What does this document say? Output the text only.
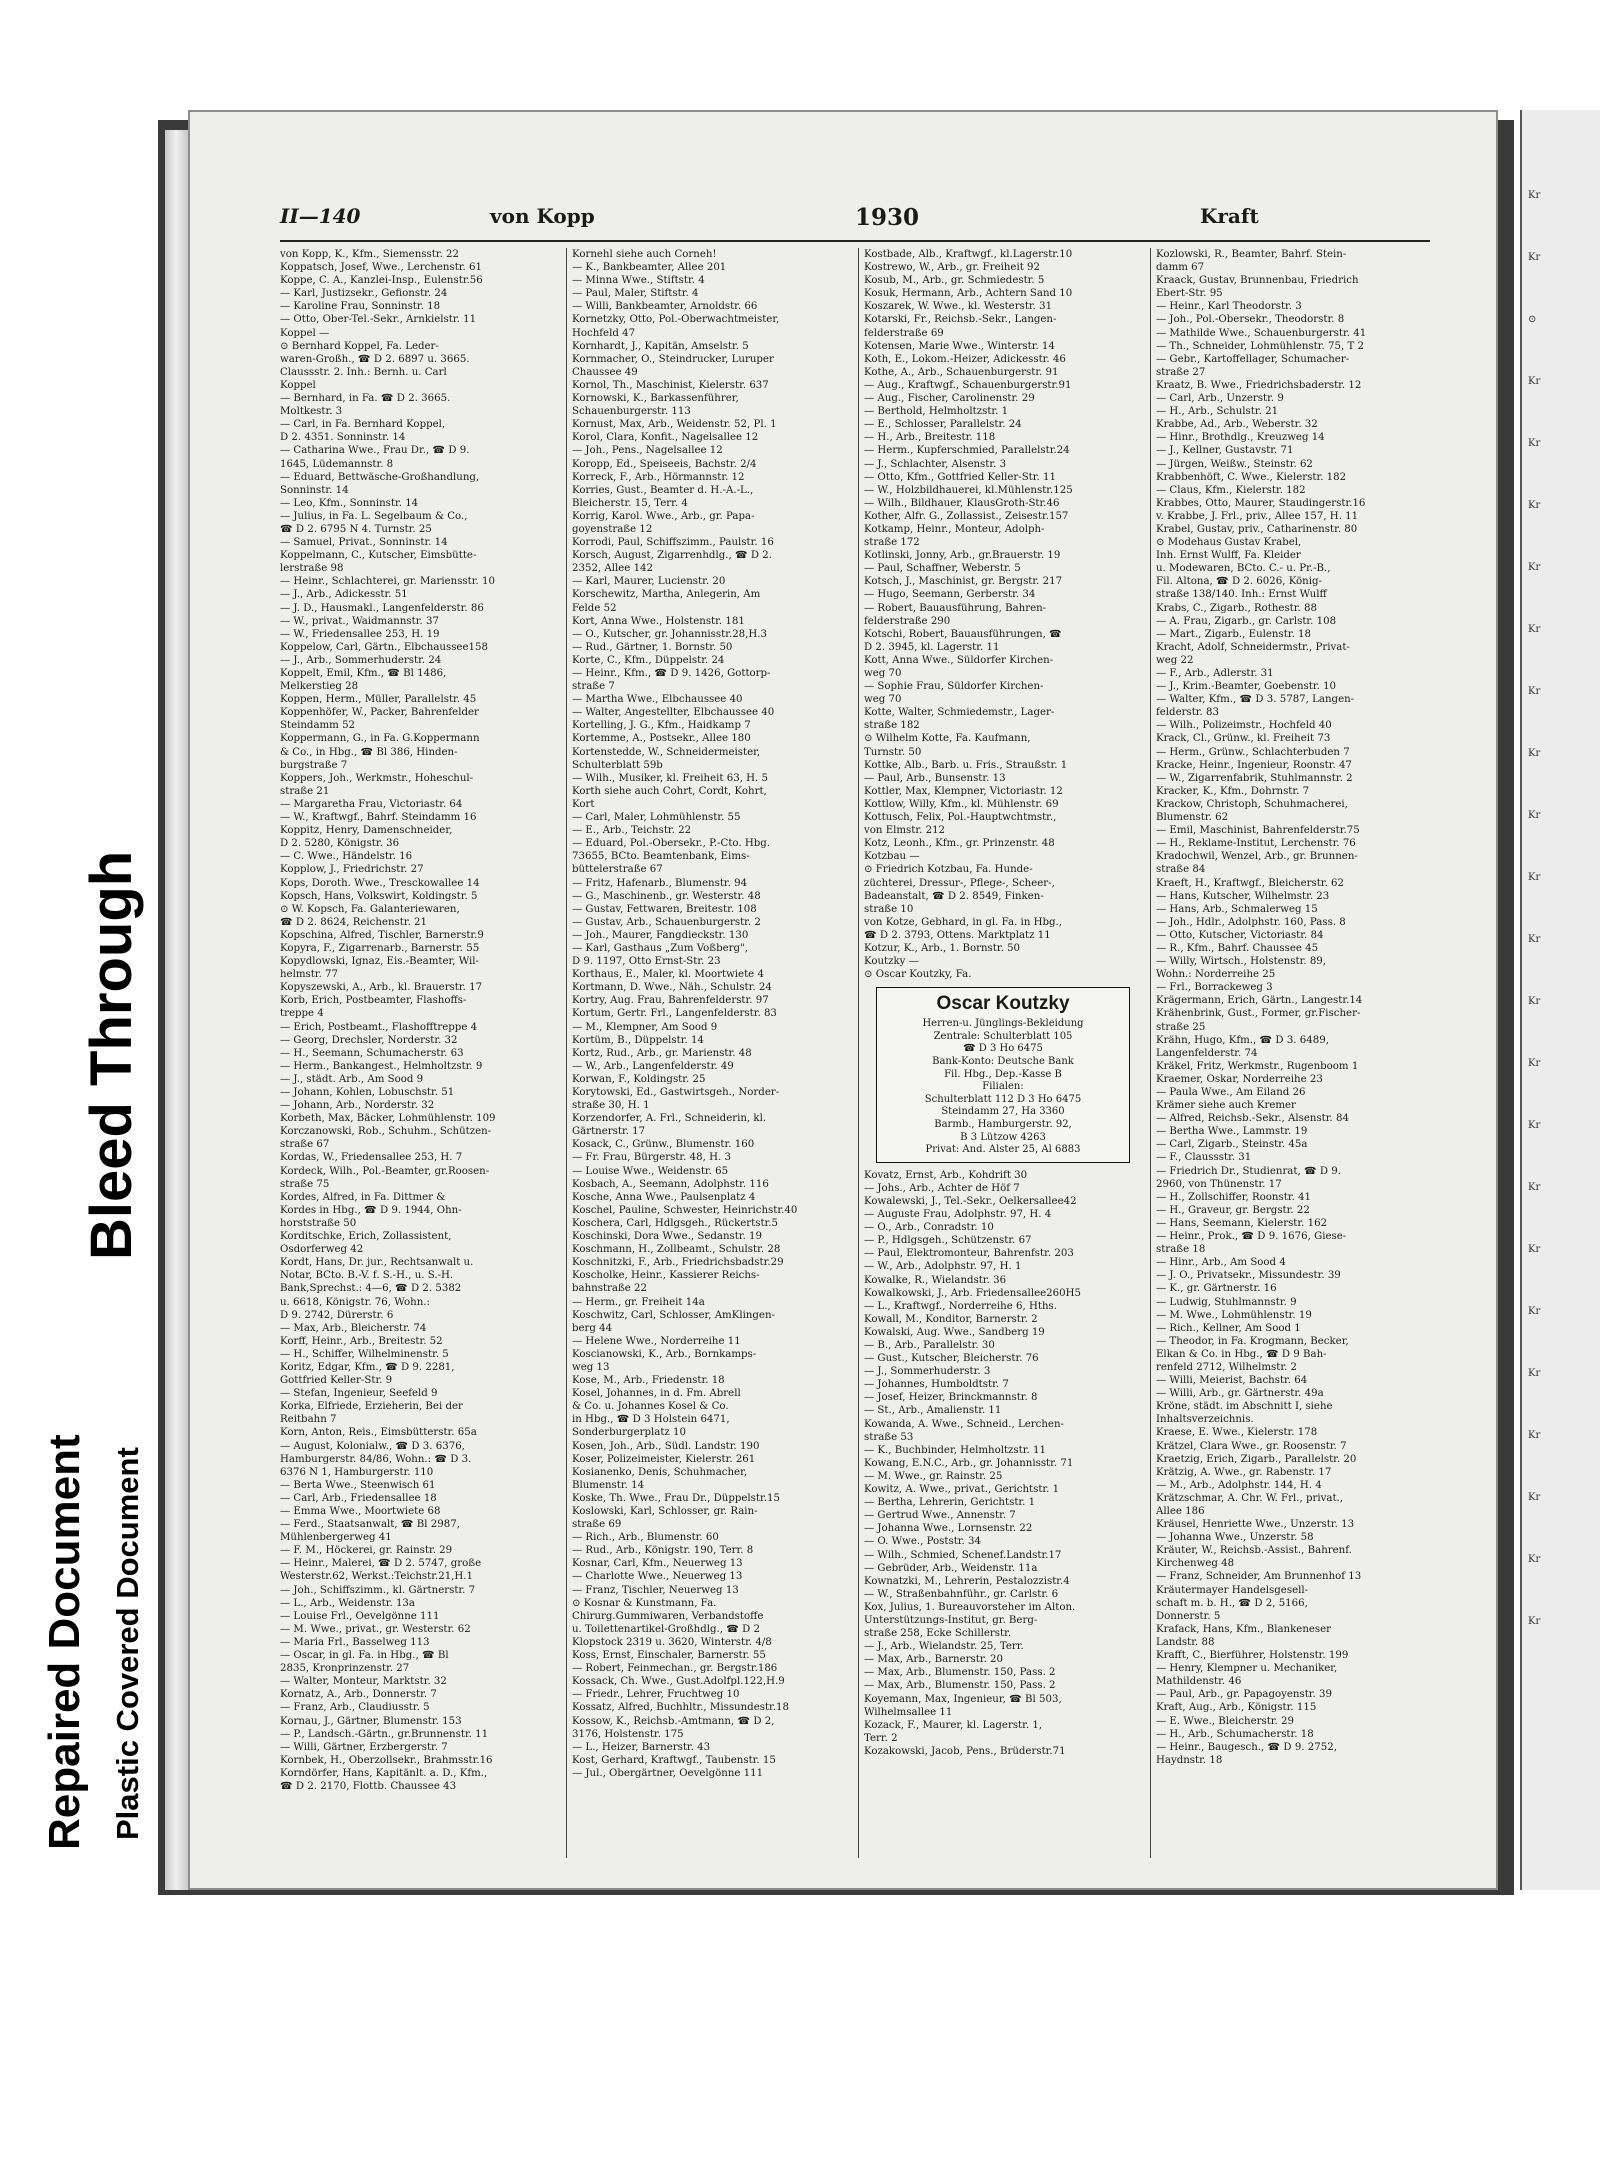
Bleed Through
Repaired Document Plastic Covered Document
II—140	von Kopp	1930	Kraft
von Kopp, K., Kfm., Siemensstr. 22
Koppatsch, Josef, Wwe., Lerchenstr. 61
Koppe, C. A., Kanzlei-Insp., Eulenstr.56
— Karl, Justizsekr., Gefionstr. 24
— Karoline Frau, Sonninstr. 18
— Otto, Ober-Tel.-Sekr., Arnkielstr. 11
Koppel —
⊙ Bernhard Koppel, Fa. Leder-
waren-Großh., ☎ D 2. 6897 u. 3665.
Claussstr. 2. Inh.: Bernh. u. Carl
Koppel
— Bernhard, in Fa. ☎ D 2. 3665.
Moltkestr. 3
— Carl, in Fa. Bernhard Koppel,
D 2. 4351. Sonninstr. 14
— Catharina Wwe., Frau Dr., ☎ D 9.
1645, Lüdemannstr. 8
— Eduard, Bettwäsche-Großhandlung,
Sonninstr. 14
— Leo, Kfm., Sonninstr. 14
— Julius, in Fa. L. Segelbaum & Co.,
☎ D 2. 6795 N 4. Turnstr. 25
— Samuel, Privat., Sonninstr. 14
Koppelmann, C., Kutscher, Eimsbütte-
lerstraße 98
— Heinr., Schlachterei, gr. Mariensstr. 10
— J., Arb., Adickesstr. 51
— J. D., Hausmakl., Langenfelderstr. 86
— W., privat., Waidmannstr. 37
— W., Friedensallee 253, H. 19
Koppelow, Carl, Gärtn., Elbchaussee158
— J., Arb., Sommerhuderstr. 24
Koppelt, Emil, Kfm., ☎ Bl 1486,
Melkerstieg 28
Koppen, Herm., Müller, Parallelstr. 45
Koppenhöfer, W., Packer, Bahrenfelder
Steindamm 52
Koppermann, G., in Fa. G.Koppermann
& Co., in Hbg., ☎ Bl 386, Hinden-
burgstraße 7
Koppers, Joh., Werkmstr., Hoheschul-
straße 21
— Margaretha Frau, Victoriastr. 64
— W., Kraftwgf., Bahrf. Steindamm 16
Koppitz, Henry, Damenschneider,
D 2. 5280, Königstr. 36
— C. Wwe., Händelstr. 16
Kopplow, J., Friedrichstr. 27
Kops, Doroth. Wwe., Tresckowallee 14
Kopsch, Hans, Volkswirt, Koldingstr. 5
⊙ W. Kopsch, Fa. Galanteriewaren,
☎ D 2. 8624, Reichenstr. 21
Kopschina, Alfred, Tischler, Barnerstr.9
Kopyra, F., Zigarrenarb., Barnerstr. 55
Kopydlowski, Ignaz, Eis.-Beamter, Wil-
helmstr. 77
Kopyszewski, A., Arb., kl. Brauerstr. 17
Korb, Erich, Postbeamter, Flashoffs-
treppe 4
— Erich, Postbeamt., Flashofftreppe 4
— Georg, Drechsler, Norderstr. 32
— H., Seemann, Schumacherstr. 63
— Herm., Bankangest., Helmholtzstr. 9
— J., städt. Arb., Am Sood 9
— Johann, Kohlen, Lobuschstr. 51
— Johann, Arb., Norderstr. 32
Korbeth, Max, Bäcker, Lohmühlenstr. 109
Korczanowski, Rob., Schuhm., Schützen-
straße 67
Kordas, W., Friedensallee 253, H. 7
Kordeck, Wilh., Pol.-Beamter, gr.Roosen-
straße 75
Kordes, Alfred, in Fa. Dittmer &
Kordes in Hbg., ☎ D 9. 1944, Ohn-
horststraße 50
Korditschke, Erich, Zollassistent,
Osdorferweg 42
Kordt, Hans, Dr. jur., Rechtsanwalt u.
Notar, BCto. B.-V. f. S.-H., u. S.-H.
Bank,Sprechst.: 4—6, ☎ D 2. 5382
u. 6618, Königstr. 76, Wohn.:
D 9. 2742, Dürerstr. 6
— Max, Arb., Bleicherstr. 74
Korff, Heinr., Arb., Breitestr. 52
— H., Schiffer, Wilhelminenstr. 5
Koritz, Edgar, Kfm., ☎ D 9. 2281,
Gottfried Keller-Str. 9
— Stefan, Ingenieur, Seefeld 9
Korka, Elfriede, Erzieherin, Bei der
Reitbahn 7
Korn, Anton, Reis., Eimsbütterstr. 65a
— August, Kolonialw., ☎ D 3. 6376,
Hamburgerstr. 84/86, Wohn.: ☎ D 3.
6376 N 1, Hamburgerstr. 110
— Berta Wwe., Steenwisch 61
— Carl, Arb., Friedensallee 18
— Emma Wwe., Moortwiete 68
— Ferd., Staatsanwalt, ☎ Bl 2987,
Mühlenbergerweg 41
— F. M., Höckerei, gr. Rainstr. 29
— Heinr., Malerei, ☎ D 2. 5747, große
Westerstr.62, Werkst.:Teichstr.21,H.1
— Joh., Schiffszimm., kl. Gärtnerstr. 7
— L., Arb., Weidenstr. 13a
— Louise Frl., Oevelgönne 111
— M. Wwe., privat., gr. Westerstr. 62
— Maria Frl., Basselweg 113
— Oscar, in gl. Fa. in Hbg., ☎ Bl
2835, Kronprinzenstr. 27
— Walter, Monteur, Marktstr. 32
Kornatz, A., Arb., Donnerstr. 7
— Franz, Arb., Claudiusstr. 5
Kornau, J., Gärtner, Blumenstr. 153
— P., Landsch.-Gärtn., gr.Brunnenstr. 11
— Willi, Gärtner, Erzbergerstr. 7
Kornbek, H., Oberzollsekr., Brahmsstr.16
Korndörfer, Hans, Kapitänlt. a. D., Kfm.,
☎ D 2. 2170, Flottb. Chaussee 43
Kornehl siehe auch Corneh!
— K., Bankbeamter, Allee 201
— Minna Wwe., Stiftstr. 4
— Paul, Maler, Stiftstr. 4
— Willi, Bankbeamter, Arnoldstr. 66
Kornetzky, Otto, Pol.-Oberwachtmeister,
Hochfeld 47
Kornhardt, J., Kapitän, Amselstr. 5
Kornmacher, O., Steindrucker, Luruper
Chaussee 49
Kornol, Th., Maschinist, Kielerstr. 637
Kornowski, K., Barkassenführer,
Schauenburgerstr. 113
Kornust, Max, Arb., Weidenstr. 52, Pl. 1
Korol, Clara, Konfit., Nagelsallee 12
— Joh., Pens., Nagelsallee 12
Koropp, Ed., Speiseeis, Bachstr. 2/4
Korreck, F., Arb., Hörmannstr. 12
Korries, Gust., Beamter d. H.-A.-L.,
Bleicherstr. 15, Terr. 4
Korrig, Karol. Wwe., Arb., gr. Papa-
goyenstraße 12
Korrodi, Paul, Schiffszimm., Paulstr. 16
Korsch, August, Zigarrenhdlg., ☎ D 2.
2352, Allee 142
— Karl, Maurer, Lucienstr. 20
Korschewitz, Martha, Anlegerin, Am
Felde 52
Kort, Anna Wwe., Holstenstr. 181
— O., Kutscher, gr. Johannisstr.28,H.3
— Rud., Gärtner, 1. Bornstr. 50
Korte, C., Kfm., Düppelstr. 24
— Heinr., Kfm., ☎ D 9. 1426, Gottorp-
straße 7
— Martha Wwe., Elbchaussee 40
— Walter, Angestellter, Elbchaussee 40
Kortelling, J. G., Kfm., Haidkamp 7
Kortemme, A., Postsekr., Allee 180
Kortenstedde, W., Schneidermeister,
Schulterblatt 59b
— Wilh., Musiker, kl. Freiheit 63, H. 5
Korth siehe auch Cohrt, Cordt, Kohrt,
Kort
— Carl, Maler, Lohmühlenstr. 55
— E., Arb., Teichstr. 22
— Eduard, Pol.-Obersekr., P.-Cto. Hbg.
73655, BCto. Beamtenbank, Eims-
büttelerstraße 67
— Fritz, Hafenarb., Blumenstr. 94
— G., Maschinenb., gr. Westerstr. 48
— Gustav, Fettwaren, Breitestr. 108
— Gustav, Arb., Schauenburgerstr. 2
— Joh., Maurer, Fangdieckstr. 130
— Karl, Gasthaus „Zum Voßberg",
D 9. 1197, Otto Ernst-Str. 23
Korthaus, E., Maler, kl. Moortwiete 4
Kortmann, D. Wwe., Näh., Schulstr. 24
Kortry, Aug. Frau, Bahrenfelderstr. 97
Kortum, Gertr. Frl., Langenfelderstr. 83
— M., Klempner, Am Sood 9
Kortüm, B., Düppelstr. 14
Kortz, Rud., Arb., gr. Marienstr. 48
— W., Arb., Langenfelderstr. 49
Korwan, F., Koldingstr. 25
Korytowski, Ed., Gastwirtsgeh., Norder-
straße 30, H. 1
Korzendorfer, A. Frl., Schneiderin, kl.
Gärtnerstr. 17
Kosack, C., Grünw., Blumenstr. 160
— Fr. Frau, Bürgerstr. 48, H. 3
— Louise Wwe., Weidenstr. 65
Kosbach, A., Seemann, Adolphstr. 116
Kosche, Anna Wwe., Paulsenplatz 4
Koschel, Pauline, Schwester, Heinrichstr.40
Koschera, Carl, Hdlgsgeh., Rückertstr.5
Koschinski, Dora Wwe., Sedanstr. 19
Koschmann, H., Zollbeamt., Schulstr. 28
Koschnitzki, F., Arb., Friedrichsbadstr.29
Koscholke, Heinr., Kassierer Reichs-
bahnstraße 22
— Herm., gr. Freiheit 14a
Koschwitz, Carl, Schlosser, AmKlingen-
berg 44
— Helene Wwe., Norderreihe 11
Koscianowski, K., Arb., Bornkamps-
weg 13
Kose, M., Arb., Friedenstr. 18
Kosel, Johannes, in d. Fm. Abrell
& Co. u. Johannes Kosel & Co.
in Hbg., ☎ D 3 Holstein 6471,
Sonderburgerplatz 10
Kosen, Joh., Arb., Südl. Landstr. 190
Koser, Polizeimeister, Kielerstr. 261
Kosianenko, Denis, Schuhmacher,
Blumenstr. 14
Koske, Th. Wwe., Frau Dr., Düppelstr.15
Koslowski, Karl, Schlosser, gr. Rain-
straße 69
— Rich., Arb., Blumenstr. 60
— Rud., Arb., Königstr. 190, Terr. 8
Kosnar, Carl, Kfm., Neuerweg 13
— Charlotte Wwe., Neuerweg 13
— Franz, Tischler, Neuerweg 13
⊙ Kosnar & Kunstmann, Fa.
Chirurg.Gummiwaren, Verbandstoffe
u. Toilettenartikel-Großhdlg., ☎ D 2
Klopstock 2319 u. 3620, Winterstr. 4/8
Koss, Ernst, Einschaler, Barnerstr. 55
— Robert, Feinmechan., gr. Bergstr.186
Kossack, Ch. Wwe., Gust.Adolfpl.122,H.9
— Friedr., Lehrer, Fruchtweg 10
Kossatz, Alfred, Buchhltr., Missundestr.18
Kossow, K., Reichsb.-Amtmann, ☎ D 2,
3176, Holstenstr. 175
— L., Heizer, Barnerstr. 43
Kost, Gerhard, Kraftwgf., Taubenstr. 15
— Jul., Obergärtner, Oevelgönne 111
Kostbade, Alb., Kraftwgf., kl.Lagerstr.10
Kostrewo, W., Arb., gr. Freiheit 92
Kosub, M., Arb., gr. Schmiedestr. 5
Kosuk, Hermann, Arb., Achtern Sand 10
Koszarek, W. Wwe., kl. Westerstr. 31
Kotarski, Fr., Reichsb.-Sekr., Langen-
felderstraße 69
Kotensen, Marie Wwe., Winterstr. 14
Koth, E., Lokom.-Heizer, Adickesstr. 46
Kothe, A., Arb., Schauenburgerstr. 91
— Aug., Kraftwgf., Schauenburgerstr.91
— Aug., Fischer, Carolinenstr. 29
— Berthold, Helmholtzstr. 1
— E., Schlosser, Parallelstr. 24
— H., Arb., Breitestr. 118
— Herm., Kupferschmied, Parallelstr.24
— J., Schlachter, Alsenstr. 3
— Otto, Kfm., Gottfried Keller-Str. 11
— W., Holzbildhauerei, kl.Mühlenstr.125
— Wilh., Bildhauer, KlausGroth-Str.46
Kother, Alfr. G., Zollassist., Zeisestr.157
Kotkamp, Heinr., Monteur, Adolph-
straße 172
Kotlinski, Jonny, Arb., gr.Brauerstr. 19
— Paul, Schaffner, Weberstr. 5
Kotsch, J., Maschinist, gr. Bergstr. 217
— Hugo, Seemann, Gerberstr. 34
— Robert, Bauausführung, Bahren-
felderstraße 290
Kotschi, Robert, Bauausführungen, ☎
D 2. 3945, kl. Lagerstr. 11
Kott, Anna Wwe., Süldorfer Kirchen-
weg 70
— Sophie Frau, Süldorfer Kirchen-
weg 70
Kotte, Walter, Schmiedemstr., Lager-
straße 182
⊙ Wilhelm Kotte, Fa. Kaufmann,
Turnstr. 50
Kottke, Alb., Barb. u. Fris., Straußstr. 1
— Paul, Arb., Bunsenstr. 13
Kottler, Max, Klempner, Victoriastr. 12
Kottlow, Willy, Kfm., kl. Mühlenstr. 69
Kottusch, Felix, Pol.-Hauptwchtmstr.,
von Elmstr. 212
Kotz, Leonh., Kfm., gr. Prinzenstr. 48
Kotzbau —
⊙ Friedrich Kotzbau, Fa. Hunde-
züchterei, Dressur-, Pflege-, Scheer-,
Badeanstalt, ☎ D 2. 8549, Finken-
straße 10
von Kotze, Gebhard, in gl. Fa. in Hbg.,
☎ D 2. 3793, Ottens. Marktplatz 11
Kotzur, K., Arb., 1. Bornstr. 50
Koutzky —
⊙ Oscar Koutzky, Fa.
Oscar Koutzky
Herren-u. Jünglings-Bekleidung
Zentrale: Schulterblatt 105
☎ D 3 Ho 6475
Bank-Konto: Deutsche Bank
Fil. Hbg., Dep.-Kasse B
Filialen:
Schulterblatt 112 D 3 Ho 6475
Steindamm 27, Ha 3360
Barmb., Hamburgerstr. 92,
B 3 Lützow 4263
Privat: And. Alster 25, Al 6883
Kovatz, Ernst, Arb., Kohdrift 30
— Johs., Arb., Achter de Höf 7
Kowalewski, J., Tel.-Sekr., Oelkersallee42
— Auguste Frau, Adolphstr. 97, H. 4
— O., Arb., Conradstr. 10
— P., Hdlgsgeh., Schützenstr. 67
— Paul, Elektromonteur, Bahrenfstr. 203
— W., Arb., Adolphstr. 97, H. 1
Kowalke, R., Wielandstr. 36
Kowalkowski, J., Arb. Friedensallee260H5
— L., Kraftwgf., Norderreihe 6, Hths.
Kowall, M., Konditor, Barnerstr. 2
Kowalski, Aug. Wwe., Sandberg 19
— B., Arb., Parallelstr. 30
— Gust., Kutscher, Bleicherstr. 76
— J., Sommerhuderstr. 3
— Johannes, Humboldtstr. 7
— Josef, Heizer, Brinckmannstr. 8
— St., Arb., Amalienstr. 11
Kowanda, A. Wwe., Schneid., Lerchen-
straße 53
— K., Buchbinder, Helmholtzstr. 11
Kowang, E.N.C., Arb., gr. Johannisstr. 71
— M. Wwe., gr. Rainstr. 25
Kowitz, A. Wwe., privat., Gerichtstr. 1
— Bertha, Lehrerin, Gerichtstr. 1
— Gertrud Wwe., Annenstr. 7
— Johanna Wwe., Lornsenstr. 22
— O. Wwe., Poststr. 34
— Wilh., Schmied, Schenef.Landstr.17
— Gebrüder, Arb., Weidenstr. 11a
Kownatzki, M., Lehrerin, Pestalozzistr.4
— W., Straßenbahnführ., gr. Carlstr. 6
Kox, Julius, 1. Bureauvorsteher im Alton.
Unterstützungs-Institut, gr. Berg-
straße 258, Ecke Schillerstr.
— J., Arb., Wielandstr. 25, Terr.
— Max, Arb., Barnerstr. 20
— Max, Arb., Blumenstr. 150, Pass. 2
— Max, Arb., Blumenstr. 150, Pass. 2
Koyemann, Max, Ingenieur, ☎ Bl 503,
Wilhelmsallee 11
Kozack, F., Maurer, kl. Lagerstr. 1,
Terr. 2
Kozakowski, Jacob, Pens., Brüderstr.71
Kozlowski, R., Beamter, Bahrf. Stein-
damm 67
Kraack, Gustav, Brunnenbau, Friedrich
Ebert-Str. 95
— Heinr., Karl Theodorstr. 3
— Joh., Pol.-Obersekr., Theodorstr. 8
— Mathilde Wwe., Schauenburgerstr. 41
— Th., Schneider, Lohmühlenstr. 75, T 2
— Gebr., Kartoffellager, Schumacher-
straße 27
Kraatz, B. Wwe., Friedrichsbaderstr. 12
— Carl, Arb., Unzerstr. 9
— H., Arb., Schulstr. 21
Krabbe, Ad., Arb., Weberstr. 32
— Hinr., Brothdlg., Kreuzweg 14
— J., Kellner, Gustavstr. 71
— Jürgen, Weißw., Steinstr. 62
Krabbenhöft, C. Wwe., Kielerstr. 182
— Claus, Kfm., Kielerstr. 182
Krabbes, Otto, Maurer, Staudingerstr.16
v. Krabbe, J. Frl., priv., Allee 157, H. 11
Krabel, Gustav, priv., Catharinenstr. 80
⊙ Modehaus Gustav Krabel,
Inh. Ernst Wulff, Fa. Kleider
u. Modewaren, BCto. C.- u. Pr.-B.,
Fil. Altona, ☎ D 2. 6026, König-
straße 138/140. Inh.: Ernst Wulff
Krabs, C., Zigarb., Rothestr. 88
— A. Frau, Zigarb., gr. Carlstr. 108
— Mart., Zigarb., Eulenstr. 18
Kracht, Adolf, Schneidermstr., Privat-
weg 22
— F., Arb., Adlerstr. 31
— J., Krim.-Beamter, Goebenstr. 10
— Walter, Kfm., ☎ D 3. 5787, Langen-
felderstr. 83
— Wilh., Polizeimstr., Hochfeld 40
Krack, Cl., Grünw., kl. Freiheit 73
— Herm., Grünw., Schlachterbuden 7
Kracke, Heinr., Ingenieur, Roonstr. 47
— W., Zigarrenfabrik, Stuhlmannstr. 2
Kracker, K., Kfm., Dohrnstr. 7
Krackow, Christoph, Schuhmacherei,
Blumenstr. 62
— Emil, Maschinist, Bahrenfelderstr.75
— H., Reklame-Institut, Lerchenstr. 76
Kradochwil, Wenzel, Arb., gr. Brunnen-
straße 84
Kraeft, H., Kraftwgf., Bleicherstr. 62
— Hans, Kutscher, Wilhelmstr. 23
— Hans, Arb., Schmalerweg 15
— Joh., Hdlr., Adolphstr. 160, Pass. 8
— Otto, Kutscher, Victoriastr. 84
— R., Kfm., Bahrf. Chaussee 45
— Willy, Wirtsch., Holstenstr. 89,
Wohn.: Norderreihe 25
— Frl., Borrackeweg 3
Krägermann, Erich, Gärtn., Langestr.14
Krähenbrink, Gust., Former, gr.Fischer-
straße 25
Krähn, Hugo, Kfm., ☎ D 3. 6489,
Langenfelderstr. 74
Kräkel, Fritz, Werkmstr., Rugenboom 1
Kraemer, Oskar, Norderreihe 23
— Paula Wwe., Am Eiland 26
Krämer siehe auch Kremer
— Alfred, Reichsb.-Sekr., Alsenstr. 84
— Bertha Wwe., Lammstr. 19
— Carl, Zigarb., Steinstr. 45a
— F., Claussstr. 31
— Friedrich Dr., Studienrat, ☎ D 9.
2960, von Thünenstr. 17
— H., Zollschiffer, Roonstr. 41
— H., Graveur, gr. Bergstr. 22
— Hans, Seemann, Kielerstr. 162
— Heinr., Prok., ☎ D 9. 1676, Giese-
straße 18
— Hinr., Arb., Am Sood 4
— J. O., Privatsekr., Missundestr. 39
— K., gr. Gärtnerstr. 16
— Ludwig, Stuhlmannstr. 9
— M. Wwe., Lohmühlenstr. 19
— Rich., Kellner, Am Sood 1
— Theodor, in Fa. Krogmann, Becker,
Elkan & Co. in Hbg., ☎ D 9 Bah-
renfeld 2712, Wilhelmstr. 2
— Willi, Meierist, Bachstr. 64
— Willi, Arb., gr. Gärtnerstr. 49a
Kröne, städt. im Abschnitt I, siehe
Inhaltsverzeichnis.
Kraese, E. Wwe., Kielerstr. 178
Krätzel, Clara Wwe., gr. Roosenstr. 7
Kraetzig, Erich, Zigarb., Parallelstr. 20
Krätzig, A. Wwe., gr. Rabenstr. 17
— M., Arb., Adolphstr. 144, H. 4
Krätzschmar, A. Chr. W. Frl., privat.,
Allee 186
Kräusel, Henriette Wwe., Unzerstr. 13
— Johanna Wwe., Unzerstr. 58
Kräuter, W., Reichsb.-Assist., Bahrenf.
Kirchenweg 48
— Franz, Schneider, Am Brunnenhof 13
Kräutermayer Handelsgesell-
schaft m. b. H., ☎ D 2, 5166,
Donnerstr. 5
Krafack, Hans, Kfm., Blankeneser
Landstr. 88
Krafft, C., Bierführer, Holstenstr. 199
— Henry, Klempner u. Mechaniker,
Mathildenstr. 46
— Paul, Arb., gr. Papagoyenstr. 39
Kraft, Aug., Arb., Königstr. 115
— E. Wwe., Bleicherstr. 29
— H., Arb., Schumacherstr. 18
— Heinr., Baugesch., ☎ D 9. 2752,
Haydnstr. 18
Kr
Kr
⊙
Kr
Kr
Kr
Kr
Kr
Kr
Kr
Kr
Kr
Kr
Kr
Kr
Kr
Kr
Kr
Kr
Kr
Kr
Kr
Kr
Kr
